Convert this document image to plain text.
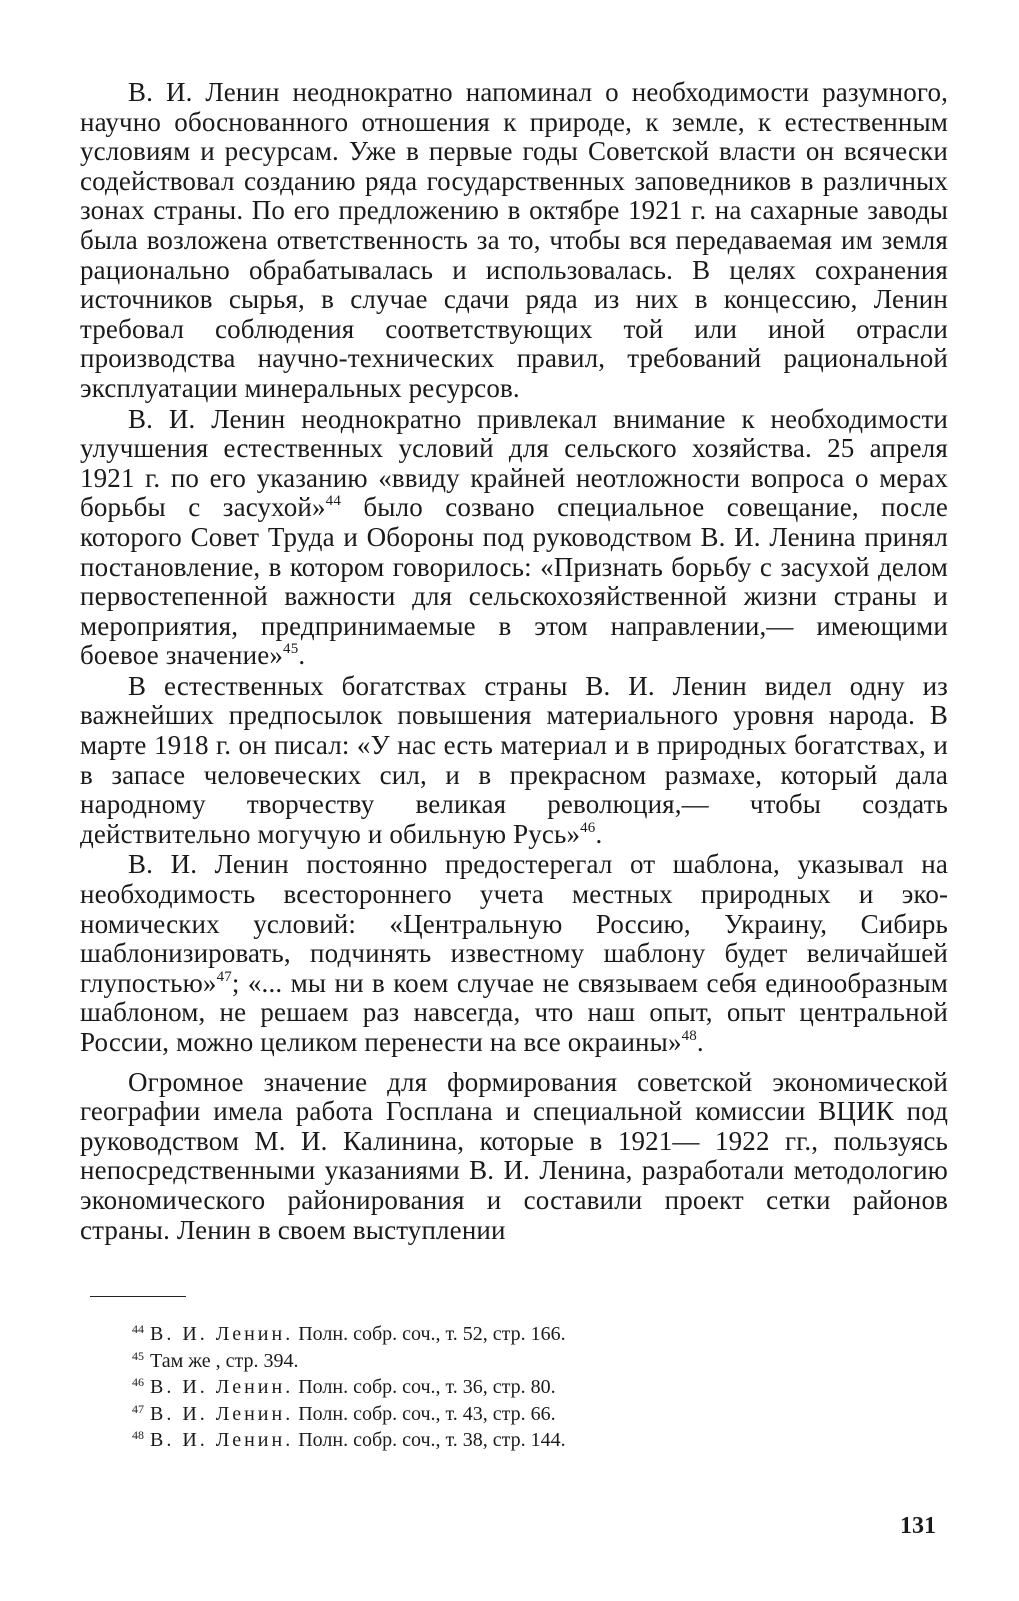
В. И. Ленин неоднократно напоминал о необходимости разумного, научно обоснованного отношения к природе, к земле, к естественным условиям и ресурсам. Уже в первые годы Советской власти он всячески содействовал созданию ряда государственных заповедников в различных зонах страны. По его предложению в октябре 1921 г. на сахарные заводы была возложена ответственность за то, чтобы вся передаваемая им земля рационально обрабатывалась и использовалась. В целях сохранения источников сырья, в случае сдачи ряда из них в концессию, Ленин требовал соблюдения соответствующих той или иной отрасли производства научно-технических правил, требований рациональной эксплуатации минеральных ресурсов.

В. И. Ленин неоднократно привлекал внимание к необходимости улучшения естественных условий для сельского хозяйства. 25 апреля 1921 г. по его указанию «ввиду крайней неотложности вопроса о мерах борьбы с засухой»$^{44}$ было созвано специальное совещание, после которого Совет Труда и Обороны под руководством В. И. Ленина принял постановление, в котором говорилось: «Признать борьбу с засухой делом первостепенной важности для сельскохозяйственной жизни страны и мероприятия, предпринимаемые в этом направлении,— имеющими боевое значение»$^{45}$.

В естественных богатствах страны В. И. Ленин видел одну из важнейших предпосылок повышения материального уровня народа. В марте 1918 г. он писал: «У нас есть материал и в природных богатствах, и в запасе человеческих сил, и в прекрасном размахе, который дала народному творчеству великая революция,— чтобы создать действительно могучую и обильную Русь»$^{46}$.

В. И. Ленин постоянно предостерегал от шаблона, указывал на необходимость всестороннего учета местных природных и экономических условий: «Центральную Россию, Украину, Сибирь шаблонизировать, подчинять известному шаблону будет величайшей глупостью»$^{47}$; «... мы ни в коем случае не связываем себя единообразным шаблоном, не решаем раз навсегда, что наш опыт, опыт центральной России, можно целиком перенести на все окраины»$^{48}$.

Огромное значение для формирования советской экономической географии имела работа Госплана и специальной комиссии ВЦИК под руководством М. И. Калинина, которые в 1921— 1922 гг., пользуясь непосредственными указаниями В. И. Ленина, разработали методологию экономического районирования и составили проект сетки районов страны. Ленин в своем выступлении

$^{44}$ В. И. Ленин. Полн. собр. соч., т. 52, стр. 166.
$^{45}$ Там же , стр. 394.
$^{46}$ В. И. Ленин. Полн. собр. соч., т. 36, стр. 80.
$^{47}$ В. И. Ленин. Полн. собр. соч., т. 43, стр. 66.
$^{48}$ В. И. Ленин. Полн. собр. соч., т. 38, стр. 144.
131
